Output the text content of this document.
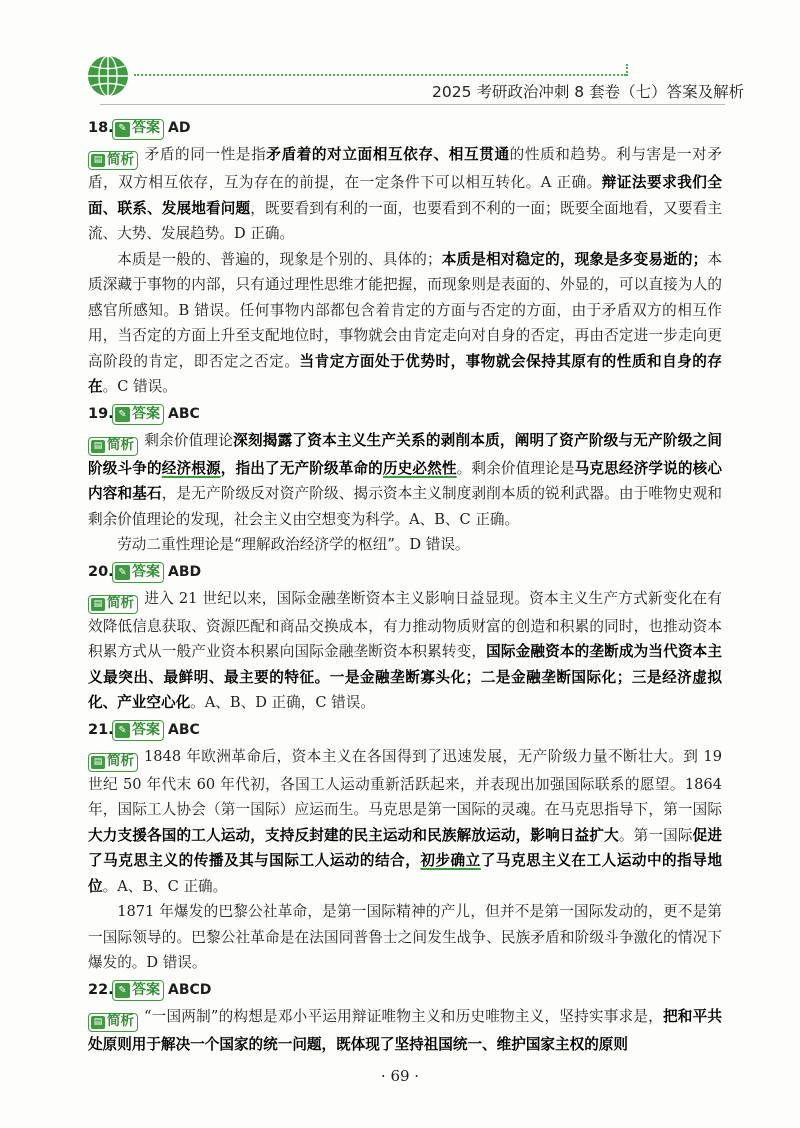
2025 考研政治冲刺 8 套卷（七）答案及解析
18. ✎ 答案 AD

▤ 简析 矛盾的同一性是指矛盾着的对立面相互依存、相互贯通的性质和趋势。利与害是一对矛盾，双方相互依存，互为存在的前提，在一定条件下可以相互转化。A 正确。辩证法要求我们全面、联系、发展地看问题，既要看到有利的一面，也要看到不利的一面；既要全面地看，又要看主流、大势、发展趋势。D 正确。

本质是一般的、普遍的，现象是个别的、具体的；本质是相对稳定的，现象是多变易逝的；本质深藏于事物的内部，只有通过理性思维才能把握，而现象则是表面的、外显的，可以直接为人的感官所感知。B 错误。任何事物内部都包含着肯定的方面与否定的方面，由于矛盾双方的相互作用，当否定的方面上升至支配地位时，事物就会由肯定走向对自身的否定，再由否定进一步走向更高阶段的肯定，即否定之否定。当肯定方面处于优势时，事物就会保持其原有的性质和自身的存在。C 错误。

19. ✎ 答案 ABC

▤ 简析 剩余价值理论深刻揭露了资本主义生产关系的剥削本质，阐明了资产阶级与无产阶级之间阶级斗争的经济根源，指出了无产阶级革命的历史必然性。剩余价值理论是马克思经济学说的核心内容和基石，是无产阶级反对资产阶级、揭示资本主义制度剥削本质的锐利武器。由于唯物史观和剩余价值理论的发现，社会主义由空想变为科学。A、B、C 正确。

劳动二重性理论是“理解政治经济学的枢纽”。D 错误。

20. ✎ 答案 ABD

▤ 简析 进入 21 世纪以来，国际金融垄断资本主义影响日益显现。资本主义生产方式新变化在有效降低信息获取、资源匹配和商品交换成本，有力推动物质财富的创造和积累的同时，也推动资本积累方式从一般产业资本积累向国际金融垄断资本积累转变，国际金融资本的垄断成为当代资本主义最突出、最鲜明、最主要的特征。一是金融垄断寡头化；二是金融垄断国际化；三是经济虚拟化、产业空心化。A、B、D 正确，C 错误。

21. ✎ 答案 ABC

▤ 简析 1848 年欧洲革命后，资本主义在各国得到了迅速发展，无产阶级力量不断壮大。到 19 世纪 50 年代末 60 年代初，各国工人运动重新活跃起来，并表现出加强国际联系的愿望。1864 年，国际工人协会（第一国际）应运而生。马克思是第一国际的灵魂。在马克思指导下，第一国际大力支援各国的工人运动，支持反封建的民主运动和民族解放运动，影响日益扩大。第一国际促进了马克思主义的传播及其与国际工人运动的结合，初步确立了马克思主义在工人运动中的指导地位。A、B、C 正确。

1871 年爆发的巴黎公社革命，是第一国际精神的产儿，但并不是第一国际发动的，更不是第一国际领导的。巴黎公社革命是在法国同普鲁士之间发生战争、民族矛盾和阶级斗争激化的情况下爆发的。D 错误。

22. ✎ 答案 ABCD

▤ 简析 “一国两制”的构想是邓小平运用辩证唯物主义和历史唯物主义，坚持实事求是，把和平共处原则用于解决一个国家的统一问题，既体现了坚持祖国统一、维护国家主权的原则

· 69 ·
